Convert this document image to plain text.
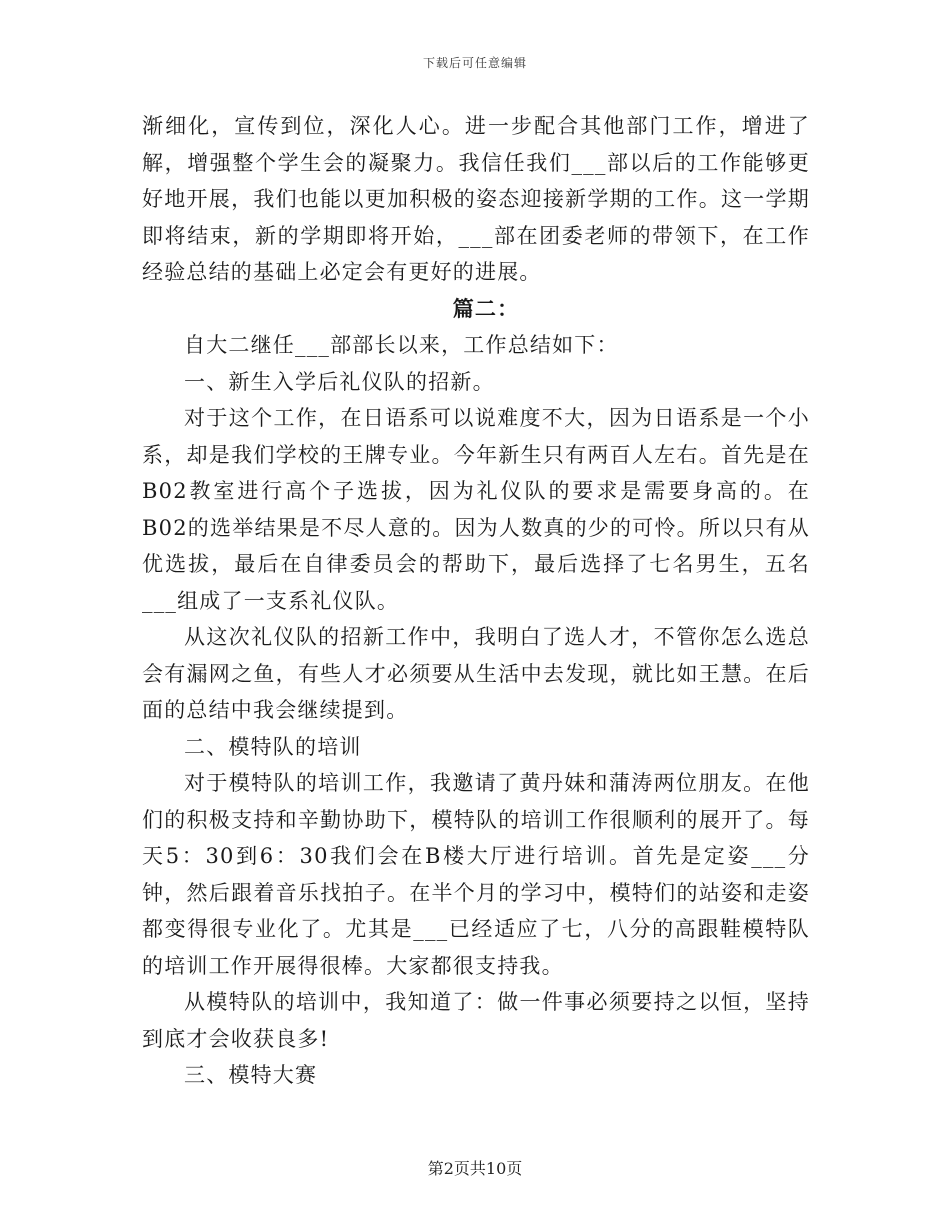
下载后可任意编辑

渐细化，宣传到位，深化人心。进一步配合其他部门工作，增进了解，增强整个学生会的凝聚力。我信任我们___部以后的工作能够更好地开展，我们也能以更加积极的姿态迎接新学期的工作。这一学期即将结束，新的学期即将开始，___部在团委老师的带领下，在工作经验总结的基础上必定会有更好的进展。

篇二：

自大二继任___部部长以来，工作总结如下：

一、新生入学后礼仪队的招新。

对于这个工作，在日语系可以说难度不大，因为日语系是一个小系，却是我们学校的王牌专业。今年新生只有两百人左右。首先是在B02教室进行高个子选拔，因为礼仪队的要求是需要身高的。在B02的选举结果是不尽人意的。因为人数真的少的可怜。所以只有从优选拔，最后在自律委员会的帮助下，最后选择了七名男生，五名___组成了一支系礼仪队。

从这次礼仪队的招新工作中，我明白了选人才，不管你怎么选总会有漏网之鱼，有些人才必须要从生活中去发现，就比如王慧。在后面的总结中我会继续提到。

二、模特队的培训

对于模特队的培训工作，我邀请了黄丹妹和蒲涛两位朋友。在他们的积极支持和辛勤协助下，模特队的培训工作很顺利的展开了。每天5：30到6：30我们会在B楼大厅进行培训。首先是定姿___分钟，然后跟着音乐找拍子。在半个月的学习中，模特们的站姿和走姿都变得很专业化了。尤其是___已经适应了七，八分的高跟鞋模特队的培训工作开展得很棒。大家都很支持我。

从模特队的培训中，我知道了：做一件事必须要持之以恒，坚持到底才会收获良多!

三、模特大赛

第2页共10页
